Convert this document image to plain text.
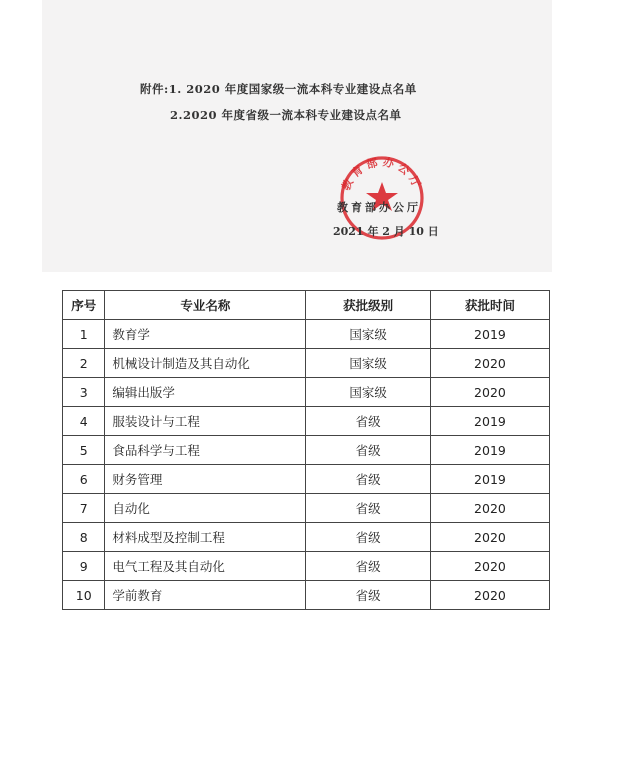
附件:1. 2020 年度国家级一流本科专业建设点名单
2.2020 年度省级一流本科专业建设点名单
教育部办公厅
教育部办公厅
2021 年 2 月 10 日
序号	专业名称	获批级别	获批时间
1	教育学	国家级	2019
2	机械设计制造及其自动化	国家级	2020
3	编辑出版学	国家级	2020
4	服装设计与工程	省级	2019
5	食品科学与工程	省级	2019
6	财务管理	省级	2019
7	自动化	省级	2020
8	材料成型及控制工程	省级	2020
9	电气工程及其自动化	省级	2020
10	学前教育	省级	2020
